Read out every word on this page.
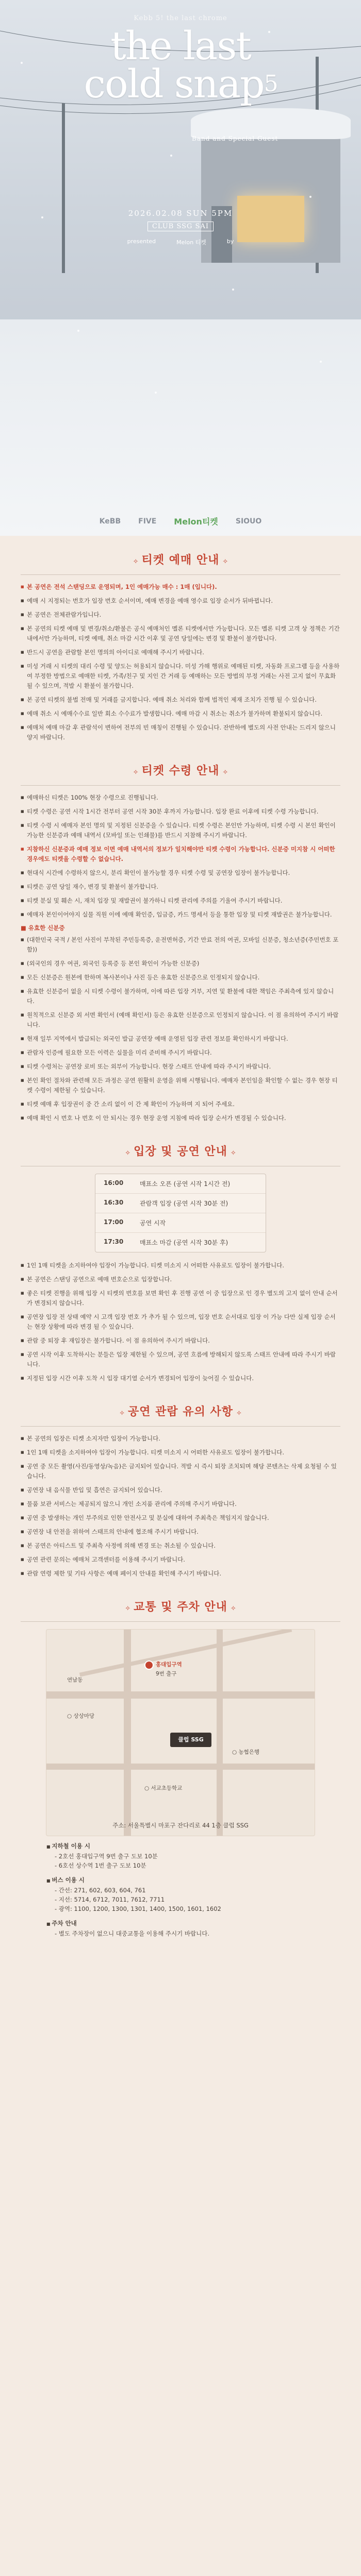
Kebb 5! the last chrome
the last
cold snap$^5$
Band and Special Guest
2026.02.08 SUN 5PM
CLUB SSG SAI
presented	Melon 티켓	by
KeBB FIVE Melon티켓 SIOUO
✧ 티켓 예매 안내 ✧
■ 본 공연은 전석 스탠딩으로 운영되며, 1인 예매가능 매수 : 1매 (입니다).
■ 예매 시 지정되는 번호가 입장 번호 순서이며, 예매 변경을 예매 영수료 입장 순서가 뒤바뀝니다.
■ 본 공연은 전체관람가입니다.
■ 본 공연의 티켓 예매 및 변경/취소/환불은 공식 예매처인 멜론 티켓에서만 가능합니다. 모든 멜론 티켓 고객 상 정책은 기간 내에서만 가능하며, 티켓 예매, 취소 마감 시간 이후 및 공연 당일에는 변경 및 환불이 불가합니다.
■ 반드시 공연을 관람할 본인 명의의 아이디로 예매해 주시기 바랍니다.
■ 미성 거래 시 티켓의 대리 수령 및 양도는 허용되지 않습니다. 미성 가해 행위로 예매된 티켓, 자동화 프로그램 등을 사용하여 부정한 방법으로 예매한 티켓, 가족/친구 및 지인 간 거래 등 예매하는 모든 방법의 부정 거래는 사전 고지 없이 무효화될 수 있으며, 적발 시 환불이 불가합니다.
■ 본 공연 티켓의 불법 전매 및 거래를 금지합니다. 예매 취소 처리와 함께 법적인 제재 조치가 진행 될 수 있습니다.
■ 예매 취소 시 예매수수료 일반 회소 수수료가 발생합니다. 예매 마감 시 취소는 취소가 불가하며 환불되지 않습니다.
■ 예매처 예매 마감 후 관람석이 변하여 전부의 빈 매칭이 진행될 수 있습니다. 잔반하에 별도의 사전 안내는 드리지 않으니 양지 바랍니다.
✧ 티켓 수령 안내 ✧
■ 예매하신 티켓은 100% 현장 수령으로 진행됩니다.
■ 티켓 수령은 공연 시작 1시간 전부터 공연 시작 30분 후까지 가능합니다. 입장 완료 이후에 티켓 수령 가능합니다.
■ 티켓 수령 시 예매자 본인 명의 및 지정된 신분증을 수 있습니다. 티켓 수령은 본인만 가능하며, 티켓 수령 시 본인 확인이 가능한 신분증과 예매 내역서 (모바일 또는 인쇄물)를 반드시 지참해 주시기 바랍니다.
■ 지참하신 신분증과 예매 정보 이면 예매 내역서의 정보가 일치해야만 티켓 수령이 가능합니다. 신분증 미지참 시 어떠한 경우에도 티켓을 수령할 수 없습니다.
■ 현대식 시간에 수령하지 않으시, 분리 확인이 불가능할 경우 티켓 수령 및 공연장 입장이 불가능합니다.
■ 티켓은 공연 당일 재수, 변경 및 환불이 불가합니다.
■ 티켓 분실 및 훼손 시, 재치 입장 및 재발권이 불가하니 티켓 관리에 주의를 기울여 주시기 바랍니다.
■ 예매자 본인이어야지 실물 직원 이에 예매 확인증, 입금증, 카드 명세서 등을 통한 입장 및 티켓 재발권은 불가능합니다.
■ 유효한 신분증
■ (대한민국 국적 / 본인 사진이 부착된 주민등록증, 운전면허증, 기간 만료 전의 여권, 모바일 신분증, 청소년증(주민번호 포함))
■ (외국인의 경우 여권, 외국인 등록증 등 본인 확인이 가능한 신분증)
■ 모든 신분증은 원본에 한하며 복사본이나 사진 등은 유효한 신분증으로 인정되지 않습니다.
■ 유효한 신분증이 없을 시 티켓 수령이 불가하며, 이에 따른 입장 거부, 지연 및 환불에 대한 책임은 주최측에 있지 않습니다.
■ 원칙적으로 신분증 외 서면 확인서 (예매 확인서) 등은 유효한 신분증으로 인정되지 않습니다. 이 점 유의하여 주시기 바랍니다.
■ 현재 일부 지역에서 발급되는 외국인 발급 공연장 예매 운영된 입장 관련 정보를 확인하시기 바랍니다.
■ 관람자 인증에 필요한 모든 이력은 실물을 미리 준비해 주시기 바랍니다.
■ 티켓 수령처는 공연장 로비 또는 외부이 가능합니다. 현장 스태프 안내에 따라 주시기 바랍니다.
■ 본인 확인 절차와 관련해 모든 과정은 공연 원활히 운영을 위해 시행됩니다. 예매자 본인임을 확인할 수 없는 경우 현장 티켓 수령이 제한될 수 있습니다.
■ 티켓 예매 후 입장권이 중 간 소리 없이 이 간 제 확인이 가능하며 지 되어 주세요.
■ 예매 확인 시 번호 나 번호 이 안 되시는 경우 현장 운영 지침에 따라 입장 순서가 변경될 수 있습니다.
✧ 입장 및 공연 안내 ✧
16:00	매표소 오픈 (공연 시작 1시간 전)
16:30	관람객 입장 (공연 시작 30분 전)
17:00	공연 시작
17:30	매표소 마감 (공연 시작 30분 후)
■ 1인 1매 티켓을 소지하여야 입장이 가능합니다. 티켓 미소지 시 어떠한 사유로도 입장이 불가합니다.
■ 본 공연은 스탠딩 공연으로 예매 번호순으로 입장합니다.
■ 좋은 티켓 진행을 위해 입장 시 티켓의 번호를 보면 확인 후 진행 공연 이 중 입장으로 인 경우 별도의 고지 없이 안내 순서가 변경되지 않습니다.
■ 공연장 입장 전 상태 예약 시 고객 입장 번호 가 추가 될 수 있으며, 입장 번호 순서대로 입장 이 가능 다만 실제 입장 순서는 현장 상황에 따라 변경 될 수 있습니다.
■ 관람 중 퇴장 후 재입장은 불가합니다. 이 점 유의하여 주시기 바랍니다.
■ 공연 시작 이후 도착하시는 분들은 입장 제한될 수 있으며, 공연 흐름에 방해되지 않도록 스태프 안내에 따라 주시기 바랍니다.
■ 지정된 입장 시간 이후 도착 시 입장 대기열 순서가 변경되어 입장이 늦어질 수 있습니다.
✧ 공연 관람 유의 사항 ✧
■ 본 공연의 입장은 티켓 소지자만 입장이 가능합니다.
■ 1인 1매 티켓을 소지하여야 입장이 가능합니다. 티켓 미소지 시 어떠한 사유로도 입장이 불가합니다.
■ 공연 중 모든 촬영(사진/동영상/녹음)은 금지되어 있습니다. 적발 시 즉시 퇴장 조치되며 해당 콘텐츠는 삭제 요청될 수 있습니다.
■ 공연장 내 음식물 반입 및 흡연은 금지되어 있습니다.
■ 물품 보관 서비스는 제공되지 않으니 개인 소지품 관리에 주의해 주시기 바랍니다.
■ 공연 중 발생하는 개인 부주의로 인한 안전사고 및 분실에 대하여 주최측은 책임지지 않습니다.
■ 공연장 내 안전을 위하여 스태프의 안내에 협조해 주시기 바랍니다.
■ 본 공연은 아티스트 및 주최측 사정에 의해 변경 또는 취소될 수 있습니다.
■ 공연 관련 문의는 예매처 고객센터를 이용해 주시기 바랍니다.
■ 관람 연령 제한 및 기타 사항은 예매 페이지 안내를 확인해 주시기 바랍니다.
✧ 교통 및 주차 안내 ✧
홍대입구역
9번 출구
연남동
○ 상상마당
클럽 SSG
○ 농협은행
○ 서교초등학교
주소: 서울특별시 마포구 잔다리로 44 1층 클럽 SSG
■ 지하철 이용 시
- 2호선 홍대입구역 9번 출구 도보 10분
- 6호선 상수역 1번 출구 도보 10분
■ 버스 이용 시
- 간선: 271, 602, 603, 604, 761
- 지선: 5714, 6712, 7011, 7612, 7711
- 광역: 1100, 1200, 1300, 1301, 1400, 1500, 1601, 1602
■ 주차 안내
- 별도 주차장이 없으니 대중교통을 이용해 주시기 바랍니다.
